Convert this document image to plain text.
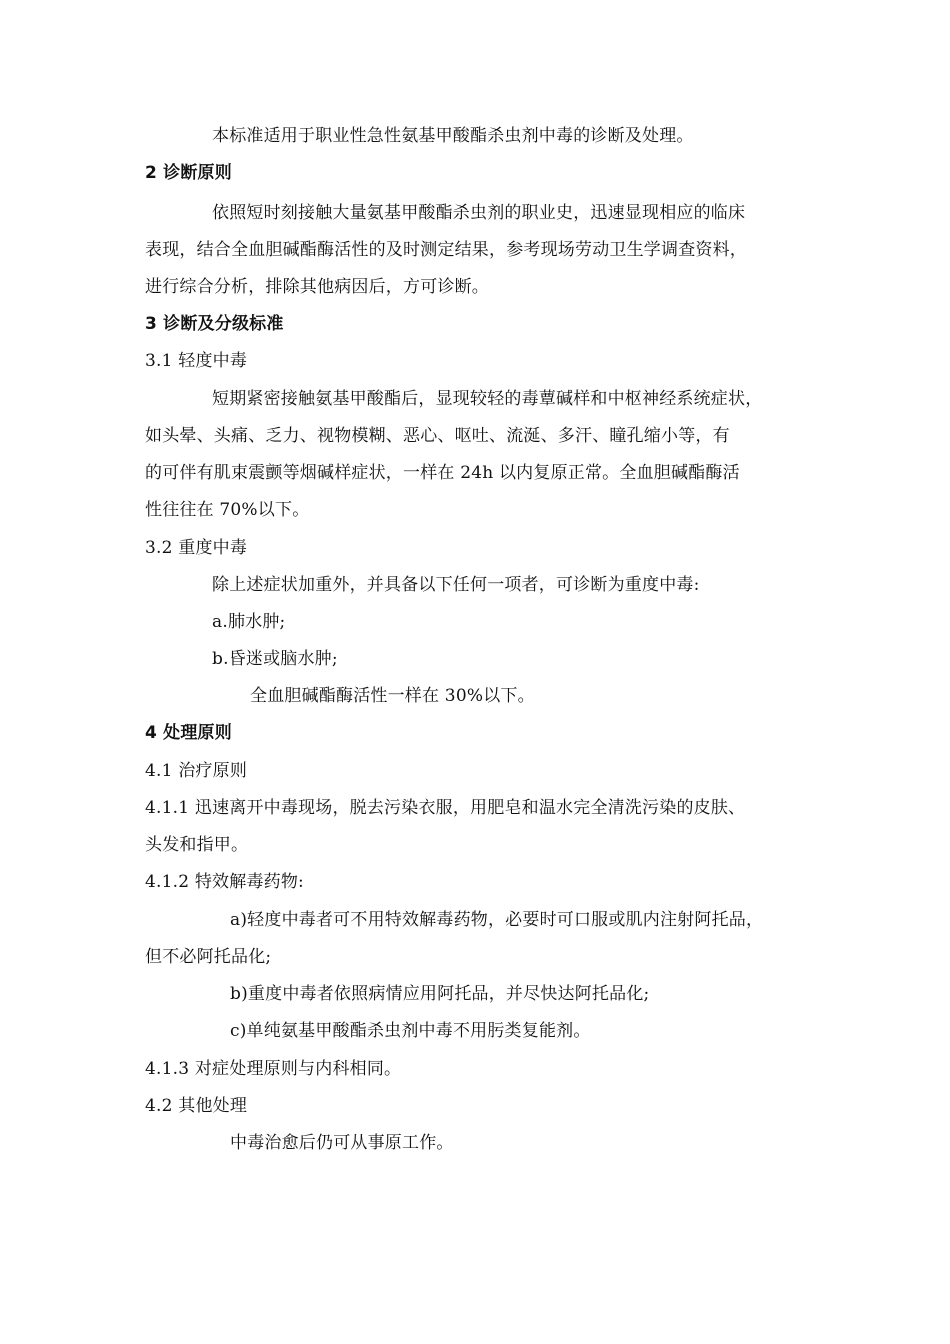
本标准适用于职业性急性氨基甲酸酯杀虫剂中毒的诊断及处理。
2 诊断原则
依照短时刻接触大量氨基甲酸酯杀虫剂的职业史，迅速显现相应的临床
表现，结合全血胆碱酯酶活性的及时测定结果，参考现场劳动卫生学调查资料，
进行综合分析，排除其他病因后，方可诊断。
3 诊断及分级标准
3.1 轻度中毒
短期紧密接触氨基甲酸酯后，显现较轻的毒蕈碱样和中枢神经系统症状，
如头晕、头痛、乏力、视物模糊、恶心、呕吐、流涎、多汗、瞳孔缩小等，有
的可伴有肌束震颤等烟碱样症状，一样在 24h 以内复原正常。全血胆碱酯酶活
性往往在 70%以下。
3.2 重度中毒
除上述症状加重外，并具备以下任何一项者，可诊断为重度中毒:
a.肺水肿;
b.昏迷或脑水肿;
全血胆碱酯酶活性一样在 30%以下。
4 处理原则
4.1 治疗原则
4.1.1 迅速离开中毒现场，脱去污染衣服，用肥皂和温水完全清洗污染的皮肤、
头发和指甲。
4.1.2 特效解毒药物:
a)轻度中毒者可不用特效解毒药物，必要时可口服或肌内注射阿托品，
但不必阿托品化;
b)重度中毒者依照病情应用阿托品，并尽快达阿托品化;
c)单纯氨基甲酸酯杀虫剂中毒不用肟类复能剂。
4.1.3 对症处理原则与内科相同。
4.2 其他处理
中毒治愈后仍可从事原工作。
